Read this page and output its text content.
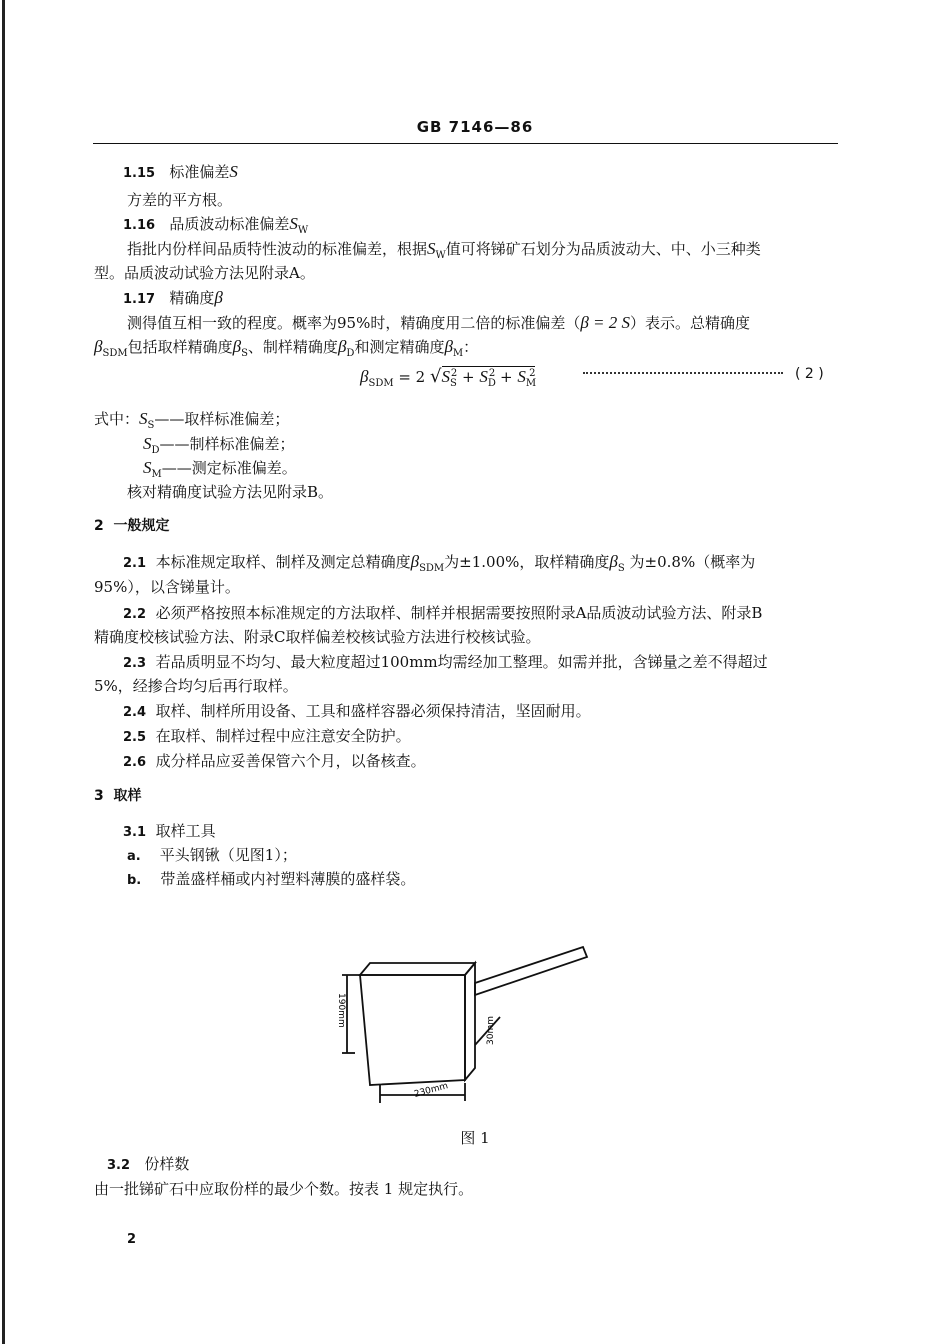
GB 7146—86
1.15 标准偏差S
方差的平方根。
1.16 品质波动标准偏差$S_W$
指批内份样间品质特性波动的标准偏差，根据$S_W$值可将锑矿石划分为品质波动大、中、小三种类
型。品质波动试验方法见附录A。
1.17 精确度β
测得值互相一致的程度。概率为95%时，精确度用二倍的标准偏差（β = 2 S）表示。总精确度
$\beta_{SDM}$包括取样精确度$\beta_S$、制样精确度$\beta_D$和测定精确度$\beta_M$：
$\beta_{SDM} = 2$ $√S_S^2 + S_D^2 + S_M^2$	( 2 )
式中：$S_S——$取样标准偏差；
$S_D——$制样标准偏差；
$S_M——$测定标准偏差。
核对精确度试验方法见附录B。
2 一般规定
2.1 本标准规定取样、制样及测定总精确度$\beta_{SDM}$为±1.00%，取样精确度$\beta_S$ 为±0.8%（概率为
95%），以含锑量计。
2.2 必须严格按照本标准规定的方法取样、制样并根据需要按照附录A品质波动试验方法、附录B
精确度校核试验方法、附录C取样偏差校核试验方法进行校核试验。
2.3 若品质明显不均匀、最大粒度超过100mm均需经加工整理。如需并批，含锑量之差不得超过
5%，经掺合均匀后再行取样。
2.4 取样、制样所用设备、工具和盛样容器必须保持清洁，坚固耐用。
2.5 在取样、制样过程中应注意安全防护。
2.6 成分样品应妥善保管六个月，以备核查。
3 取样
3.1 取样工具
a. 平头钢锹（见图1）；
b. 带盖盛样桶或内衬塑料薄膜的盛样袋。
190mm
230mm
30mm
图 1
3.2 份样数
由一批锑矿石中应取份样的最少个数。按表 1 规定执行。
2
